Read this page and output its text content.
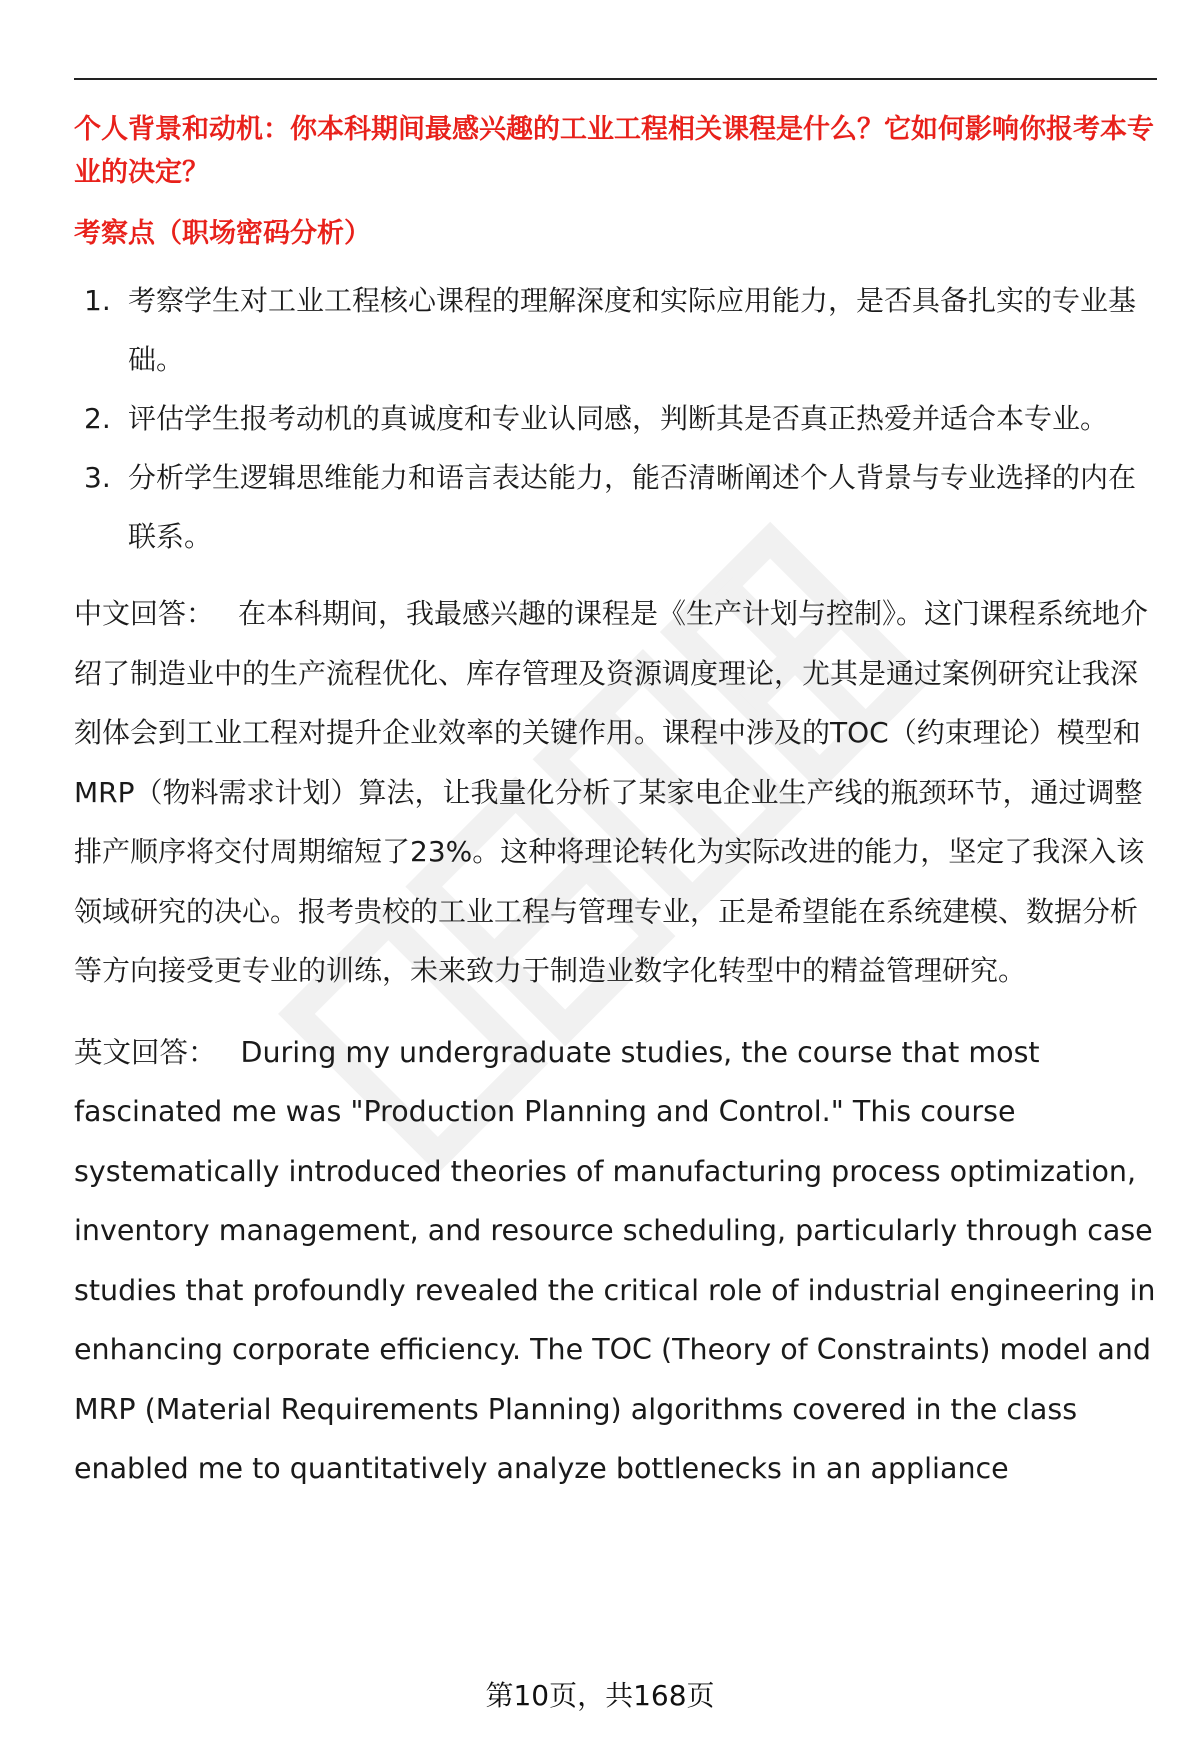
个人背景和动机：你本科期间最感兴趣的工业工程相关课程是什么？它如何影响你报考本专业的决定？

考察点（职场密码分析）

1. 考察学生对工业工程核心课程的理解深度和实际应用能力，是否具备扎实的专业基础。
2. 评估学生报考动机的真诚度和专业认同感，判断其是否真正热爱并适合本专业。
3. 分析学生逻辑思维能力和语言表达能力，能否清晰阐述个人背景与专业选择的内在联系。

中文回答： 在本科期间，我最感兴趣的课程是《生产计划与控制》。这门课程系统地介绍了制造业中的生产流程优化、库存管理及资源调度理论，尤其是通过案例研究让我深刻体会到工业工程对提升企业效率的关键作用。课程中涉及的TOC（约束理论）模型和MRP（物料需求计划）算法，让我量化分析了某家电企业生产线的瓶颈环节，通过调整排产顺序将交付周期缩短了23%。这种将理论转化为实际改进的能力，坚定了我深入该领域研究的决心。报考贵校的工业工程与管理专业，正是希望能在系统建模、数据分析等方向接受更专业的训练，未来致力于制造业数字化转型中的精益管理研究。

英文回答： During my undergraduate studies, the course that most fascinated me was "Production Planning and Control." This course systematically introduced theories of manufacturing process optimization, inventory management, and resource scheduling, particularly through case studies that profoundly revealed the critical role of industrial engineering in enhancing corporate efficiency. The TOC (Theory of Constraints) model and MRP (Material Requirements Planning) algorithms covered in the class enabled me to quantitatively analyze bottlenecks in an appliance

第10页，共168页
